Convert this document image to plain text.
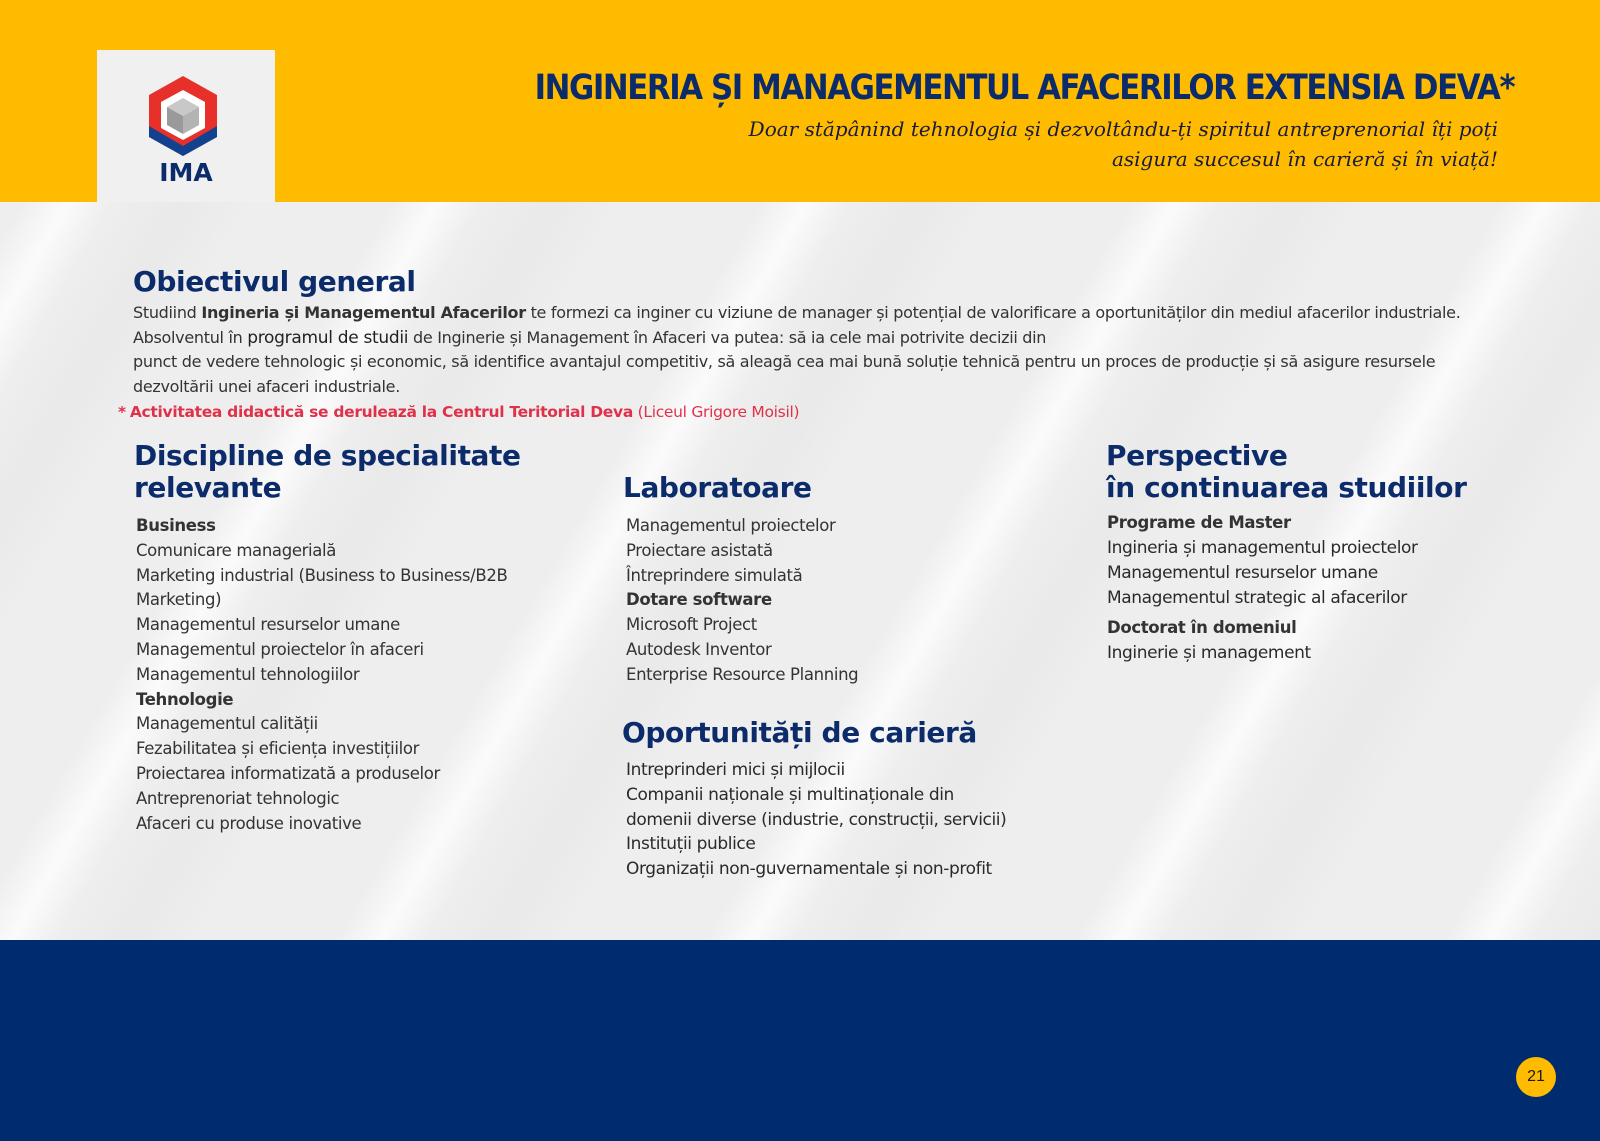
IMA
INGINERIA ȘI MANAGEMENTUL AFACERILOR EXTENSIA DEVA*
Doar stăpânind tehnologia și dezvoltându-ți spiritul antreprenorial îți poți
asigura succesul în carieră și în viață!
Obiectivul general
Studiind Ingineria și Managementul Afacerilor te formezi ca inginer cu viziune de manager și potențial de valorificare a oportunităților din mediul afacerilor industriale. Absolventul în programul de studii de Inginerie și Management în Afaceri va putea: să ia cele mai potrivite decizii din
punct de vedere tehnologic și economic, să identifice avantajul competitiv, să aleagă cea mai bună soluție tehnică pentru un proces de producție și să asigure resursele dezvoltării unei afaceri industriale.
* Activitatea didactică se derulează la Centrul Teritorial Deva (Liceul Grigore Moisil)
Discipline de specialitate
relevante
Business
Comunicare managerială
Marketing industrial (Business to Business/B2B
Marketing)
Managementul resurselor umane
Managementul proiectelor în afaceri
Managementul tehnologiilor
Tehnologie
Managementul calității
Fezabilitatea și eficiența investițiilor
Proiectarea informatizată a produselor
Antreprenoriat tehnologic
Afaceri cu produse inovative
Laboratoare
Managementul proiectelor
Proiectare asistată
Întreprindere simulată
Dotare software
Microsoft Project
Autodesk Inventor
Enterprise Resource Planning
Oportunități de carieră
Intreprinderi mici și mijlocii
Companii naționale și multinaționale din
domenii diverse (industrie, construcții, servicii)
Instituții publice
Organizații non-guvernamentale și non-profit
Perspective
în continuarea studiilor
Programe de Master
Ingineria și managementul proiectelor
Managementul resurselor umane
Managementul strategic al afacerilor
Doctorat în domeniul
Inginerie și management
21
